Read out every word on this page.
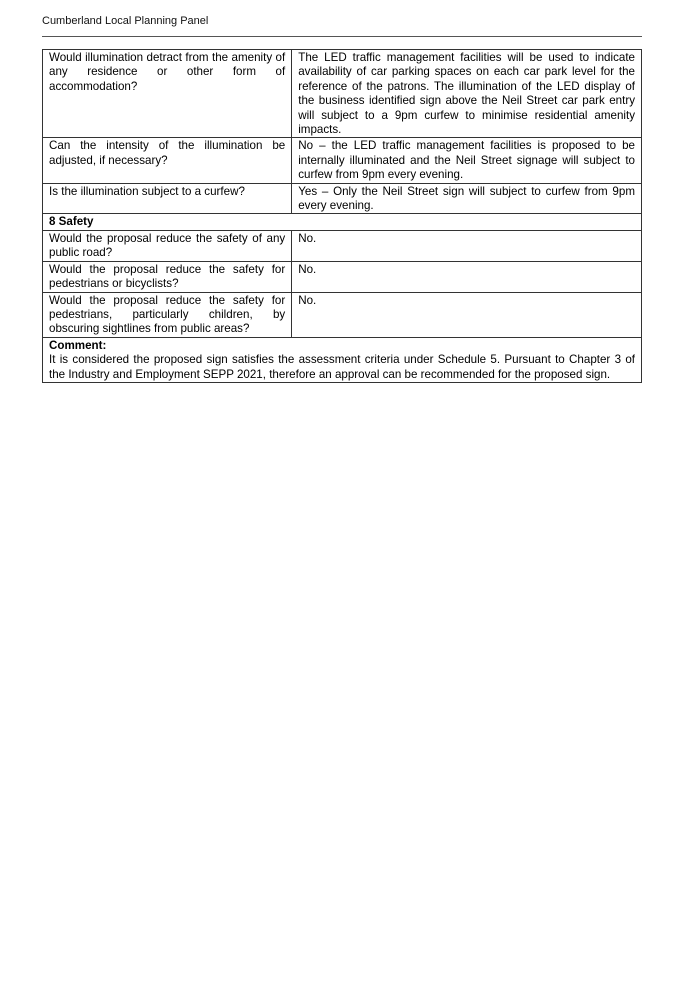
Cumberland Local Planning Panel
Would illumination detract from the amenity of any residence or other form of accommodation?	The LED traffic management facilities will be used to indicate availability of car parking spaces on each car park level for the reference of the patrons. The illumination of the LED display of the business identified sign above the Neil Street car park entry will subject to a 9pm curfew to minimise residential amenity impacts.
Can the intensity of the illumination be adjusted, if necessary?	No – the LED traffic management facilities is proposed to be internally illuminated and the Neil Street signage will subject to curfew from 9pm every evening.
Is the illumination subject to a curfew?	Yes – Only the Neil Street sign will subject to curfew from 9pm every evening.
8 Safety	
Would the proposal reduce the safety of any public road?	No.
Would the proposal reduce the safety for pedestrians or bicyclists?	No.
Would the proposal reduce the safety for pedestrians, particularly children, by obscuring sightlines from public areas?	No.

Comment:
It is considered the proposed sign satisfies the assessment criteria under Schedule 5. Pursuant to Chapter 3 of the Industry and Employment SEPP 2021, therefore an approval can be recommended for the proposed sign.	
